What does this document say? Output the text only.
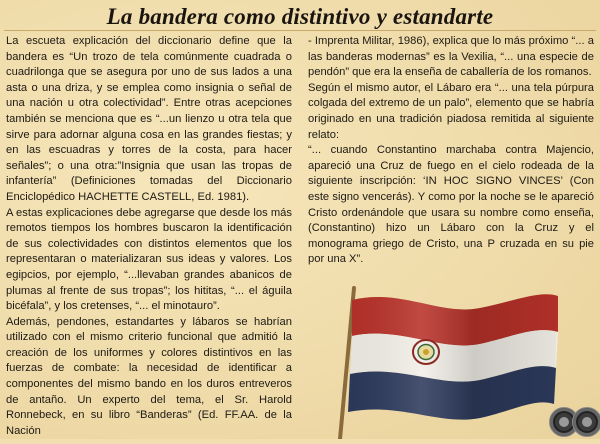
La bandera como distintivo y estandarte

La escueta explicación del diccionario define que la bandera es “Un trozo de tela comúnmente cuadrada o cuadrilonga que se asegura por uno de sus lados a una asta o una driza, y se emplea como insignia o señal de una nación u otra colectividad”. Entre otras acepciones también se menciona que es “...un lienzo u otra tela que sirve para adornar alguna cosa en las grandes fiestas; y en las escuadras y torres de la costa, para hacer señales”; o una otra:”Insignia que usan las tropas de infantería” (Definiciones tomadas del Diccionario Enciclopédico HACHETTE CASTELL, Ed. 1981).

A estas explicaciones debe agregarse que desde los más remotos tiempos los hombres buscaron la identificación de sus colectividades con distintos elementos que los representaran o materializaran sus ideas y valores. Los egipcios, por ejemplo, “...llevaban grandes abanicos de plumas al frente de sus tropas”; los hititas, “... el águila bicéfala”, y los cretenses, “... el minotauro”.

Además, pendones, estandartes y lábaros se habrían utilizado con el mismo criterio funcional que admitió la creación de los uniformes y colores distintivos en las fuerzas de combate: la necesidad de identificar a componentes del mismo bando en los duros entreveros de antaño. Un experto del tema, el Sr. Harold Ronnebeck, en su libro “Banderas” (Ed. FF.AA. de la Nación

- Imprenta Militar, 1986), explica que lo más próximo “... a las banderas modernas” es la Vexilia, “... una especie de pendón” que era la enseña de caballería de los romanos.

Según el mismo autor, el Lábaro era “... una tela púrpura colgada del extremo de un palo”, elemento que se habría originado en una tradición piadosa remitida al siguiente relato:

“... cuando Constantino marchaba contra Majencio, apareció una Cruz de fuego en el cielo rodeada de la siguiente inscripción: ‘IN HOC SIGNO VINCES’ (Con este signo vencerás). Y como por la noche se le apareció Cristo ordenándole que usara su nombre como enseña, (Constantino) hizo un Lábaro con la Cruz y el monograma griego de Cristo, una P cruzada en su pie por una X”.
